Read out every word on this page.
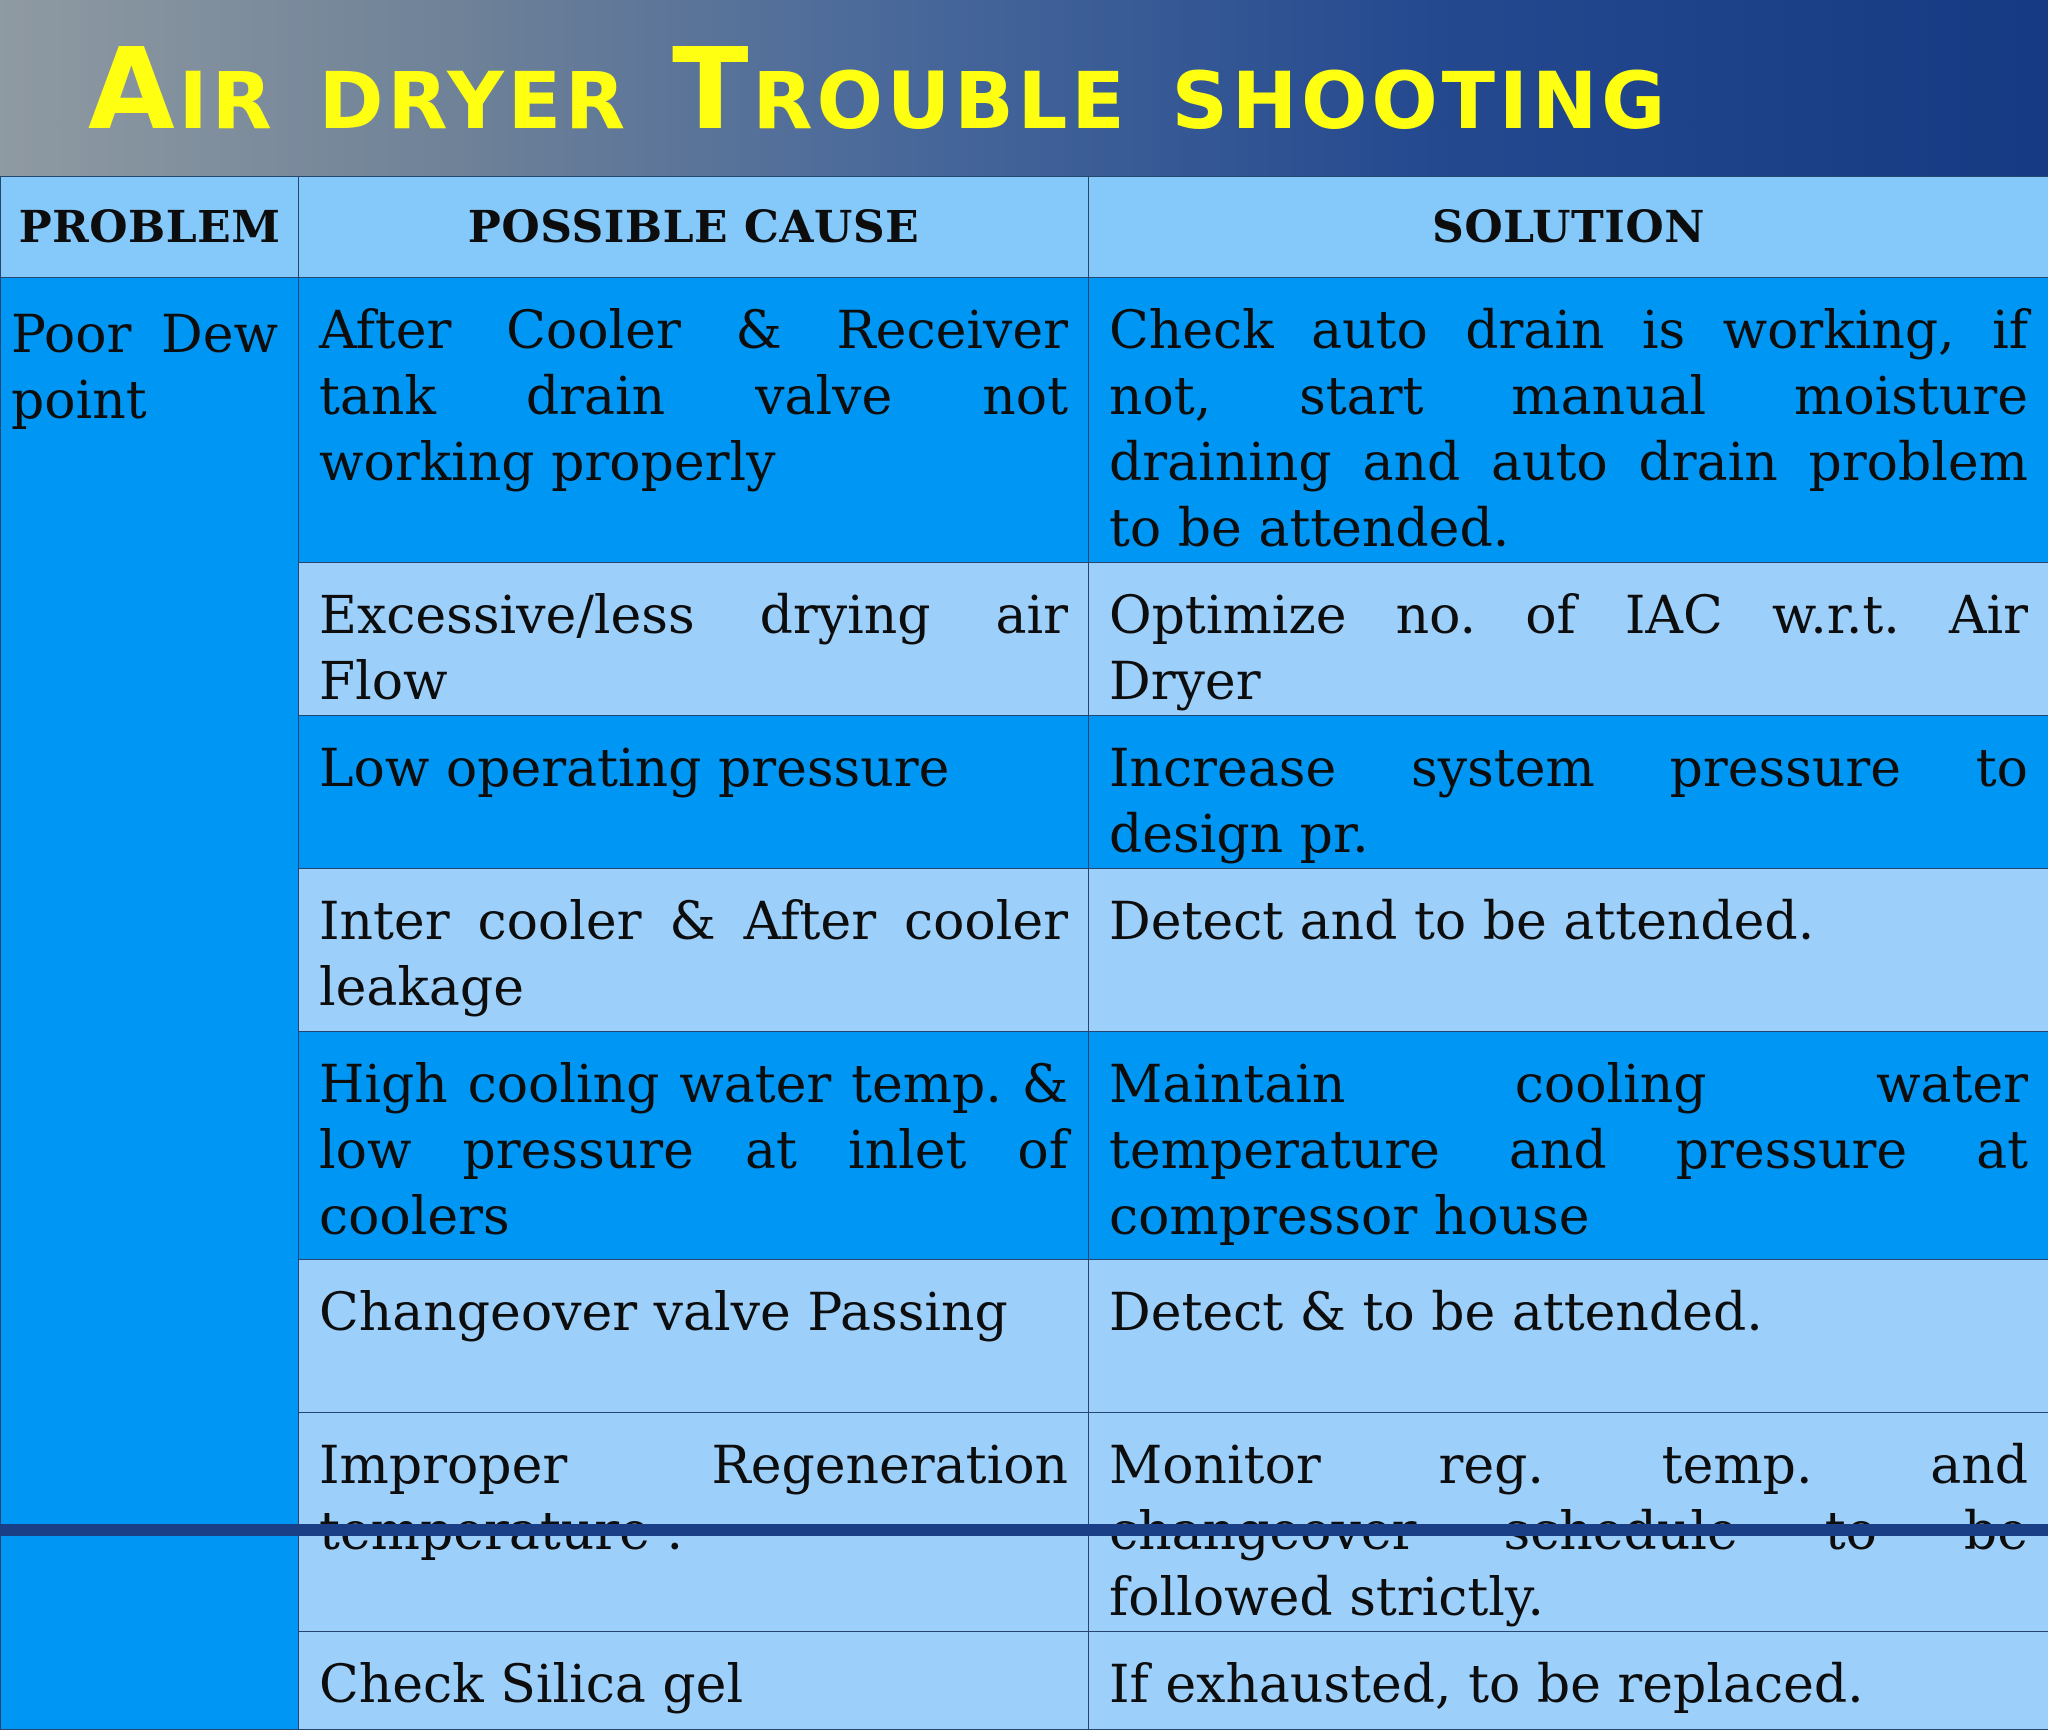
Air dryer Trouble shooting
PROBLEM	POSSIBLE CAUSE	SOLUTION
Poor Dew point	After Cooler & Receiver tank drain valve not working properly	Check auto drain is working, if not, start manual moisture draining and auto drain problem to be attended.
	Excessive/less drying air Flow	Optimize no. of IAC w.r.t. Air Dryer
	Low operating pressure	Increase system pressure to design pr.
	Inter cooler & After cooler leakage	Detect and to be attended.
	High cooling water temp. & low pressure at inlet of coolers	Maintain cooling water temperature and pressure at compressor house
	Changeover valve Passing	Detect & to be attended.
	Improper Regeneration	Monitor reg. temp. and followed strictly.
	Check Silica gel	If exhausted, to be replaced.
